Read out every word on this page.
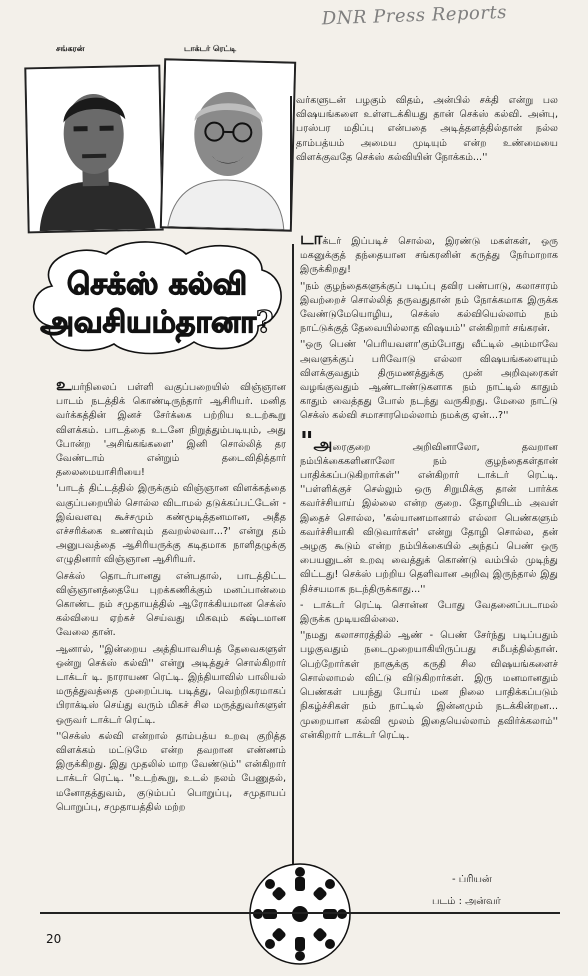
DNR Press Reports
சங்கரன்	டாக்டர் ரெட்டி

வர்களுடன் பழகும் விதம், அன்பில் சக்தி என்று பல விஷயங்களை உள்ளடக்கியது தான் செக்ஸ் கல்வி. அன்பு, பரஸ்பர மதிப்பு என்பதை அடித்தளத்தில்தான் நல்ல தாம்பத்யம் அமைய முடியும் என்ற உண்மையை விளக்குவதே செக்ஸ் கல்வியின் நோக்கம்...''

செக்ஸ் கல்வி
அவசியம்தானா?

உயர்நிலைப் பள்ளி வகுப்பறையில் விஞ்ஞான பாடம் நடத்திக் கொண்டிருந்தார் ஆசிரியர். மனித வர்க்கத்தின் இனச் சேர்க்கை பற்றிய உடற்கூறு விளக்கம். பாடத்தை உடனே நிறுத்தும்படியும், அது போன்ற 'அசிங்கங்களை' இனி சொல்லித் தர வேண்டாம் என்றும் தடைவிதித்தார் தலைமையாசிரியை!

'பாடத் திட்டத்தில் இருக்கும் விஞ்ஞான விளக்கத்தை வகுப்பறையில் சொல்ல விடாமல் தடுக்கப்பட்டேன் - இவ்வளவு கூச்சமும் கண்மூடித்தனமான, அதீத எச்சரிக்கை உணர்வும் தவறல்லவா...?' என்று தம் அனுபவத்தை ஆசிரியருக்கு கடிதமாக நாளிதழுக்கு எழுதினார் விஞ்ஞான ஆசிரியர்.

செக்ஸ் தொடர்பானது என்பதால், பாடத்திட்ட விஞ்ஞானத்தையே புறக்கணிக்கும் மனப்பான்மை கொண்ட நம் சமுதாயத்தில் ஆரோக்கியமான செக்ஸ் கல்வியை ஏற்கச் செய்வது மிகவும் கஷ்டமான வேலை தான்.

ஆனால், ''இன்றைய அத்தியாவசியத் தேவைகளுள் ஒன்று செக்ஸ் கல்வி'' என்று அடித்துச் சொல்கிறார் டாக்டர் டி. நாராயண ரெட்டி. இந்தியாவில் பாலியல் மருத்துவத்தை முறைப்படி படித்து, வெற்றிகரமாகப் பிராக்டிஸ் செய்து வரும் மிகச் சில மருத்துவர்களுள் ஒருவர் டாக்டர் ரெட்டி.

''செக்ஸ் கல்வி என்றால் தாம்பத்ய உறவு குறித்த விளக்கம் மட்டுமே என்ற தவறான எண்ணம் இருக்கிறது. இது முதலில் மாற வேண்டும்'' என்கிறார் டாக்டர் ரெட்டி. ''உடற்கூறு, உடல் நலம் பேணுதல், மனோதத்துவம், குடும்பப் பொறுப்பு, சமுதாயப் பொறுப்பு, சமுதாயத்தில் மற்ற

டாக்டர் இப்படிச் சொல்ல, இரண்டு மகள்கள், ஒரு மகனுக்குத் தந்தையான சங்கரனின் கருத்து நேர்மாறாக இருக்கிறது!

''நம் குழந்தைகளுக்குப் படிப்பு தவிர பண்பாடு, கலாசாரம் இவற்றைச் சொல்லித் தருவதுதான் நம் நோக்கமாக இருக்க வேண்டுமேயொழிய, செக்ஸ் கல்வியெல்லாம் நம் நாட்டுக்குத் தேவையில்லாத விஷயம்'' என்கிறார் சங்கரன்.

''ஒரு பெண் 'பெரியவளா'கும்போது வீட்டில் அம்மாவே அவளுக்குப் பரிவோடு எல்லா விஷயங்களையும் விளக்குவதும் திருமணத்துக்கு முன் அறிவுரைகள் வழங்குவதும் ஆண்டாண்டுகளாக நம் நாட்டில் காதும் காதும் வைத்தது போல் நடந்து வருகிறது. மேலை நாட்டு செக்ஸ் கல்வி சமாசாரமெல்லாம் நமக்கு ஏன்...?''

"அரைகுறை அறிவினாலோ, தவறான நம்பிக்கைகளினாலோ நம் குழந்தைகள்தான் பாதிக்கப்படுகிறார்கள்'' என்கிறார் டாக்டர் ரெட்டி. ''பள்ளிக்குச் செல்லும் ஒரு சிறுமிக்கு தான் பார்க்க கவர்ச்சியாய் இல்லை என்ற குறை. தோழியிடம் அவள் இதைச் சொல்ல, 'கல்யாணமானால் எல்லா பெண்களும் கவர்ச்சியாகி விடுவார்கள்' என்று தோழி சொல்ல, தன் அழகு கூடும் என்ற நம்பிக்கையில் அந்தப் பெண் ஒரு பையனுடன் உறவு வைத்துக் கொண்டு வம்பில் முடிந்து விட்டது! செக்ஸ் பற்றிய தெளிவான அறிவு இருந்தால் இது நிச்சயமாக நடந்திருக்காது...''

- டாக்டர் ரெட்டி சொன்ன போது வேதனைப்படாமல் இருக்க முடியவில்லை.

''நமது கலாசாரத்தில் ஆண் - பெண் சேர்ந்து படிப்பதும் பழகுவதும் நடைமுறையாகியிருப்பது சமீபத்தில்தான். பெற்றோர்கள் நாசூக்கு கருதி சில விஷயங்களைச் சொல்லாமல் விட்டு விடுகிறார்கள். இரு மனமானதும் பெண்கள் பயந்து போய் மன நிலை பாதிக்கப்படும் நிகழ்ச்சிகள் நம் நாட்டில் இன்னமும் நடக்கின்றன... முறையான கல்வி மூலம் இதையெல்லாம் தவிர்க்கலாம்'' என்கிறார் டாக்டர் ரெட்டி.

- ப்ரியன்
படம் : அன்வர்
20
